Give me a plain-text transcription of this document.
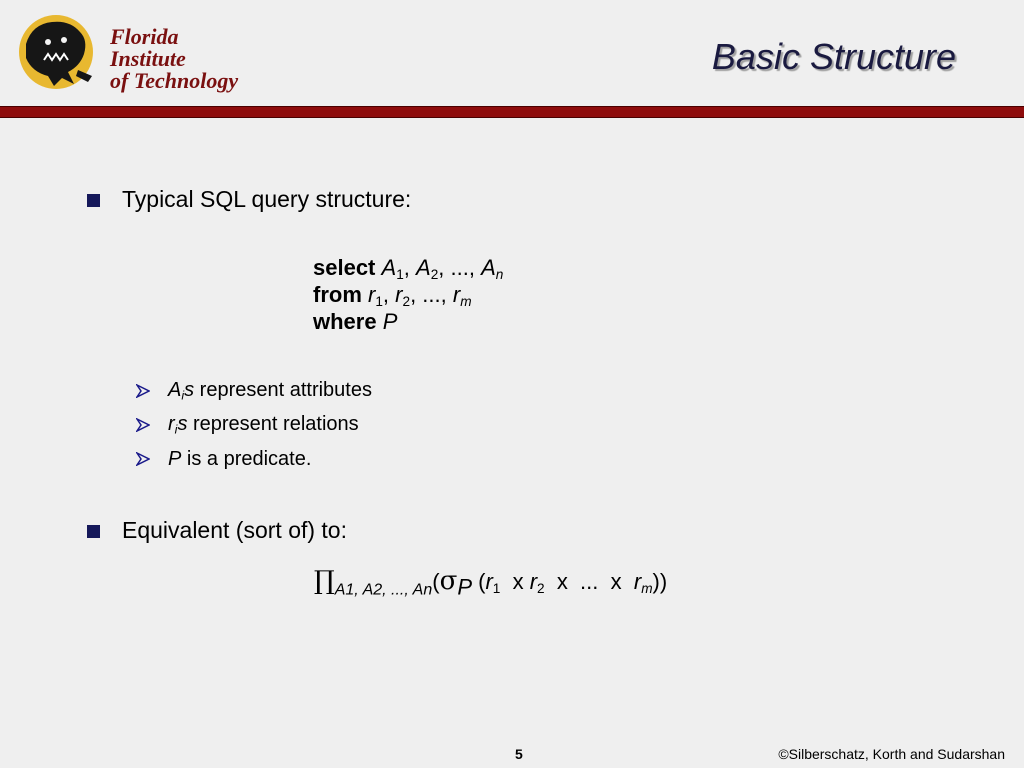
Florida Institute
of Technology
Basic Structure
Typical SQL query structure:
select $A_1$, $A_2$, ..., $A_n$
from $r_1$, $r_2$, ..., $r_m$
where P
$A_is$ represent attributes
$r_is$ represent relations
P is a predicate.
Equivalent (sort of) to:
$\prod_{A1, A2, ..., An}(\sigma P$ ($r_1$  x $r_2$  x  ...  x  $r_m$))
5	©Silberschatz, Korth and Sudarshan
